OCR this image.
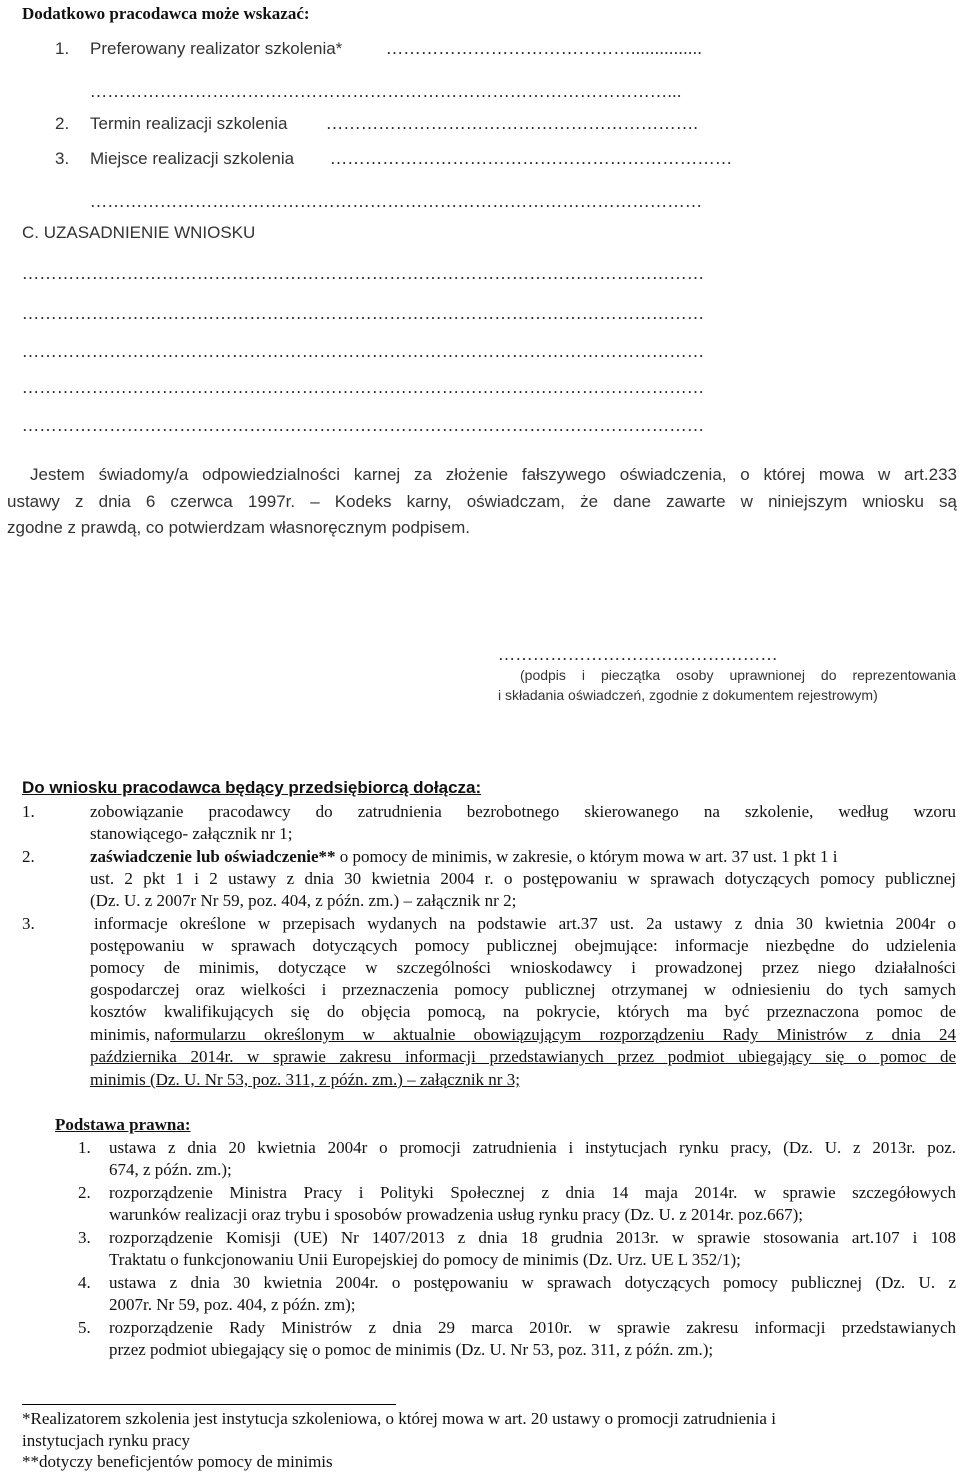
Dodatkowo pracodawca może wskazać:
1. Preferowany realizator szkolenia*	……………………………………...............
………………………………………………………………………………………...
2. Termin realizacji szkolenia ……………………………………………………….
3. Miejsce realizacji szkolenia ……………………………………………………………
……………………………………………………………………………………………
C. UZASADNIENIE WNIOSKU
………………………………………………………………………………………………………
………………………………………………………………………………………………………
………………………………………………………………………………………………………
………………………………………………………………………………………………………
………………………………………………………………………………………………………
Jestem świadomy/a odpowiedzialności karnej za złożenie fałszywego oświadczenia, o której mowa w art.233
ustawy z dnia 6 czerwca 1997r. – Kodeks karny, oświadczam, że dane zawarte w niniejszym wniosku są
zgodne z prawdą, co potwierdzam własnoręcznym podpisem.
…………………………………………
(podpis i pieczątka osoby uprawnionej do reprezentowania
i składania oświadczeń, zgodnie z dokumentem rejestrowym)
Do wniosku pracodawca będący przedsiębiorcą dołącza:
1.	zobowiązanie pracodawcy do zatrudnienia bezrobotnego skierowanego na szkolenie, według wzoru
stanowiącego- załącznik nr 1;
2.	zaświadczenie lub oświadczenie** o pomocy de minimis, w zakresie, o którym mowa w art. 37 ust. 1 pkt 1 i
ust. 2 pkt 1 i 2 ustawy z dnia 30 kwietnia 2004 r. o postępowaniu w sprawach dotyczących pomocy publicznej
(Dz. U. z 2007r Nr 59, poz. 404, z późn. zm.) – załącznik nr 2;
3.	informacje określone w przepisach wydanych na podstawie art.37 ust. 2a ustawy z dnia 30 kwietnia 2004r o
postępowaniu w sprawach dotyczących pomocy publicznej obejmujące: informacje niezbędne do udzielenia
pomocy de minimis, dotyczące w szczególności wnioskodawcy i prowadzonej przez niego działalności
gospodarczej oraz wielkości i przeznaczenia pomocy publicznej otrzymanej w odniesieniu do tych samych
kosztów kwalifikujących się do objęcia pomocą, na pokrycie, których ma być przeznaczona pomoc de
minimis, na formularzu określonym w aktualnie obowiązującym rozporządzeniu Rady Ministrów z dnia 24
października 2014r. w sprawie zakresu informacji przedstawianych przez podmiot ubiegający się o pomoc de
minimis (Dz. U. Nr 53, poz. 311, z późn. zm.) – załącznik nr 3;
Podstawa prawna:
1. ustawa z dnia 20 kwietnia 2004r o promocji zatrudnienia i instytucjach rynku pracy, (Dz. U. z 2013r. poz.
674, z późn. zm.);
2. rozporządzenie Ministra Pracy i Polityki Społecznej z dnia 14 maja 2014r. w sprawie szczegółowych
warunków realizacji oraz trybu i sposobów prowadzenia usług rynku pracy (Dz. U. z 2014r. poz.667);
3. rozporządzenie Komisji (UE) Nr 1407/2013 z dnia 18 grudnia 2013r. w sprawie stosowania art.107 i 108
Traktatu o funkcjonowaniu Unii Europejskiej do pomocy de minimis (Dz. Urz. UE L 352/1);
4. ustawa z dnia 30 kwietnia 2004r. o postępowaniu w sprawach dotyczących pomocy publicznej (Dz. U. z
2007r. Nr 59, poz. 404, z późn. zm);
5. rozporządzenie Rady Ministrów z dnia 29 marca 2010r. w sprawie zakresu informacji przedstawianych
przez podmiot ubiegający się o pomoc de minimis (Dz. U. Nr 53, poz. 311, z późn. zm.);
*Realizatorem szkolenia jest instytucja szkoleniowa, o której mowa w art. 20 ustawy o promocji zatrudnienia i
instytucjach rynku pracy
**dotyczy beneficjentów pomocy de minimis
